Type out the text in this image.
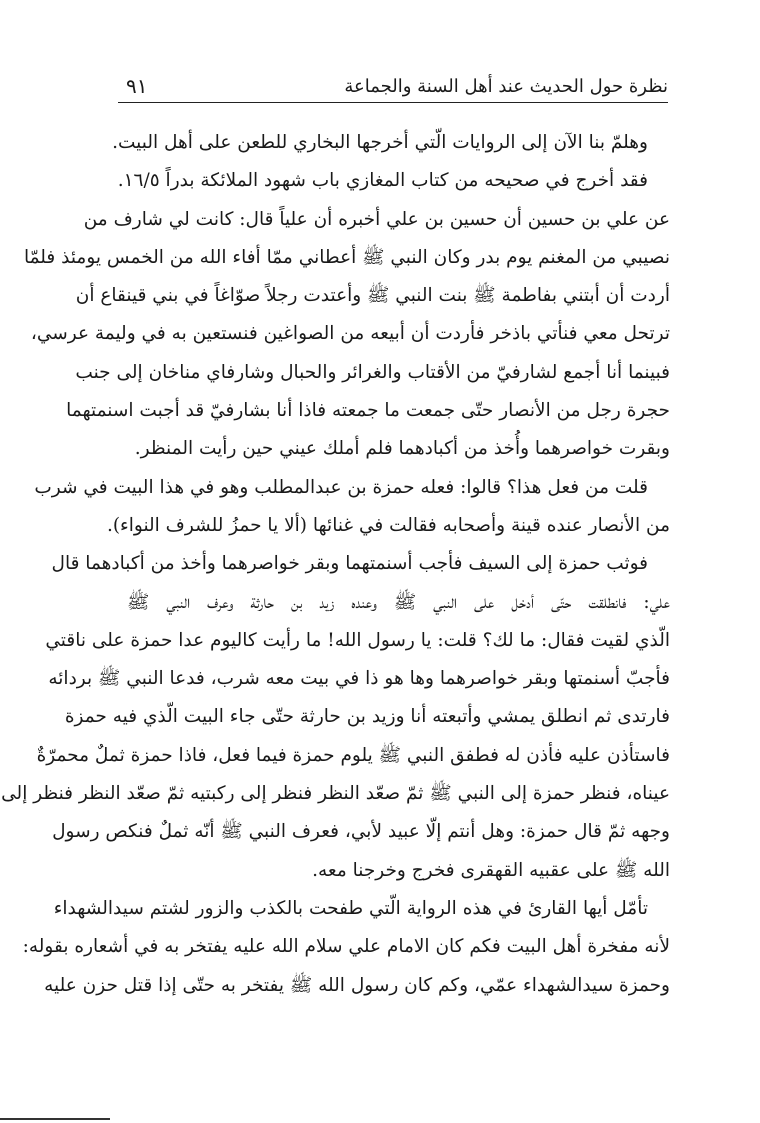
نظرة حول الحديث عند أهل السنة والجماعة
٩١
وهلمّ بنا الآن إلى الروايات الّتي أخرجها البخاري للطعن على أهل البيت.
فقد أخرج في صحيحه من كتاب المغازي باب شهود الملائكة بدراً ١٦/٥.
عن علي بن حسين أن حسين بن علي أخبره أن علياً قال: كانت لي شارف من
نصيبي من المغنم يوم بدر وكان النبي ﷺ أعطاني ممّا أفاء الله من الخمس يومئذ فلمّا
أردت أن أبتني بفاطمة ﷺ بنت النبي ﷺ وأعتدت رجلاً صوّاغاً في بني قينقاع أن
ترتحل معي فنأتي باذخر فأردت أن أبيعه من الصواغين فنستعين به في وليمة عرسي،
فبينما أنا أجمع لشارفيّ من الأقتاب والغرائر والحبال وشارفاي مناخان إلى جنب
حجرة رجل من الأنصار حتّى جمعت ما جمعته فاذا أنا بشارفيّ قد أجبت اسنمتهما
وبقرت خواصرهما وأُخذ من أكبادهما فلم أملك عيني حين رأيت المنظر.
قلت من فعل هذا؟ قالوا: فعله حمزة بن عبدالمطلب وهو في هذا البيت في شرب
من الأنصار عنده قينة وأصحابه فقالت في غنائها (ألا يا حمزُ للشرف النواء).
فوثب حمزة إلى السيف فأجب أسنمتهما وبقر خواصرهما وأخذ من أكبادهما قال
علي: فانطلقت حتّى أدخل على النبي ﷺ وعنده زيد بن حارثة وعرف النبي ﷺ
الّذي لقيت فقال: ما لك؟ قلت: يا رسول الله! ما رأيت كاليوم عدا حمزة على ناقتي
فأجبّ أسنمتها وبقر خواصرهما وها هو ذا في بيت معه شرب، فدعا النبي ﷺ بردائه
فارتدى ثم انطلق يمشي وأتبعته أنا وزيد بن حارثة حتّى جاء البيت الّذي فيه حمزة
فاستأذن عليه فأذن له فطفق النبي ﷺ يلوم حمزة فيما فعل، فاذا حمزة ثملٌ محمرّةٌ
عيناه، فنظر حمزة إلى النبي ﷺ ثمّ صعّد النظر فنظر إلى ركبتيه ثمّ صعّد النظر فنظر إلى
وجهه ثمّ قال حمزة: وهل أنتم إلّا عبيد لأبي، فعرف النبي ﷺ أنّه ثملٌ فنكص رسول
الله ﷺ على عقبيه القهقرى فخرج وخرجنا معه.
تأمّل أيها القارئ في هذه الرواية الّتي طفحت بالكذب والزور لشتم سيدالشهداء
لأنه مفخرة أهل البيت فكم كان الامام علي سلام الله عليه يفتخر به في أشعاره بقوله:
وحمزة سيدالشهداء عمّي، وكم كان رسول الله ﷺ يفتخر به حتّى إذا قتل حزن عليه
